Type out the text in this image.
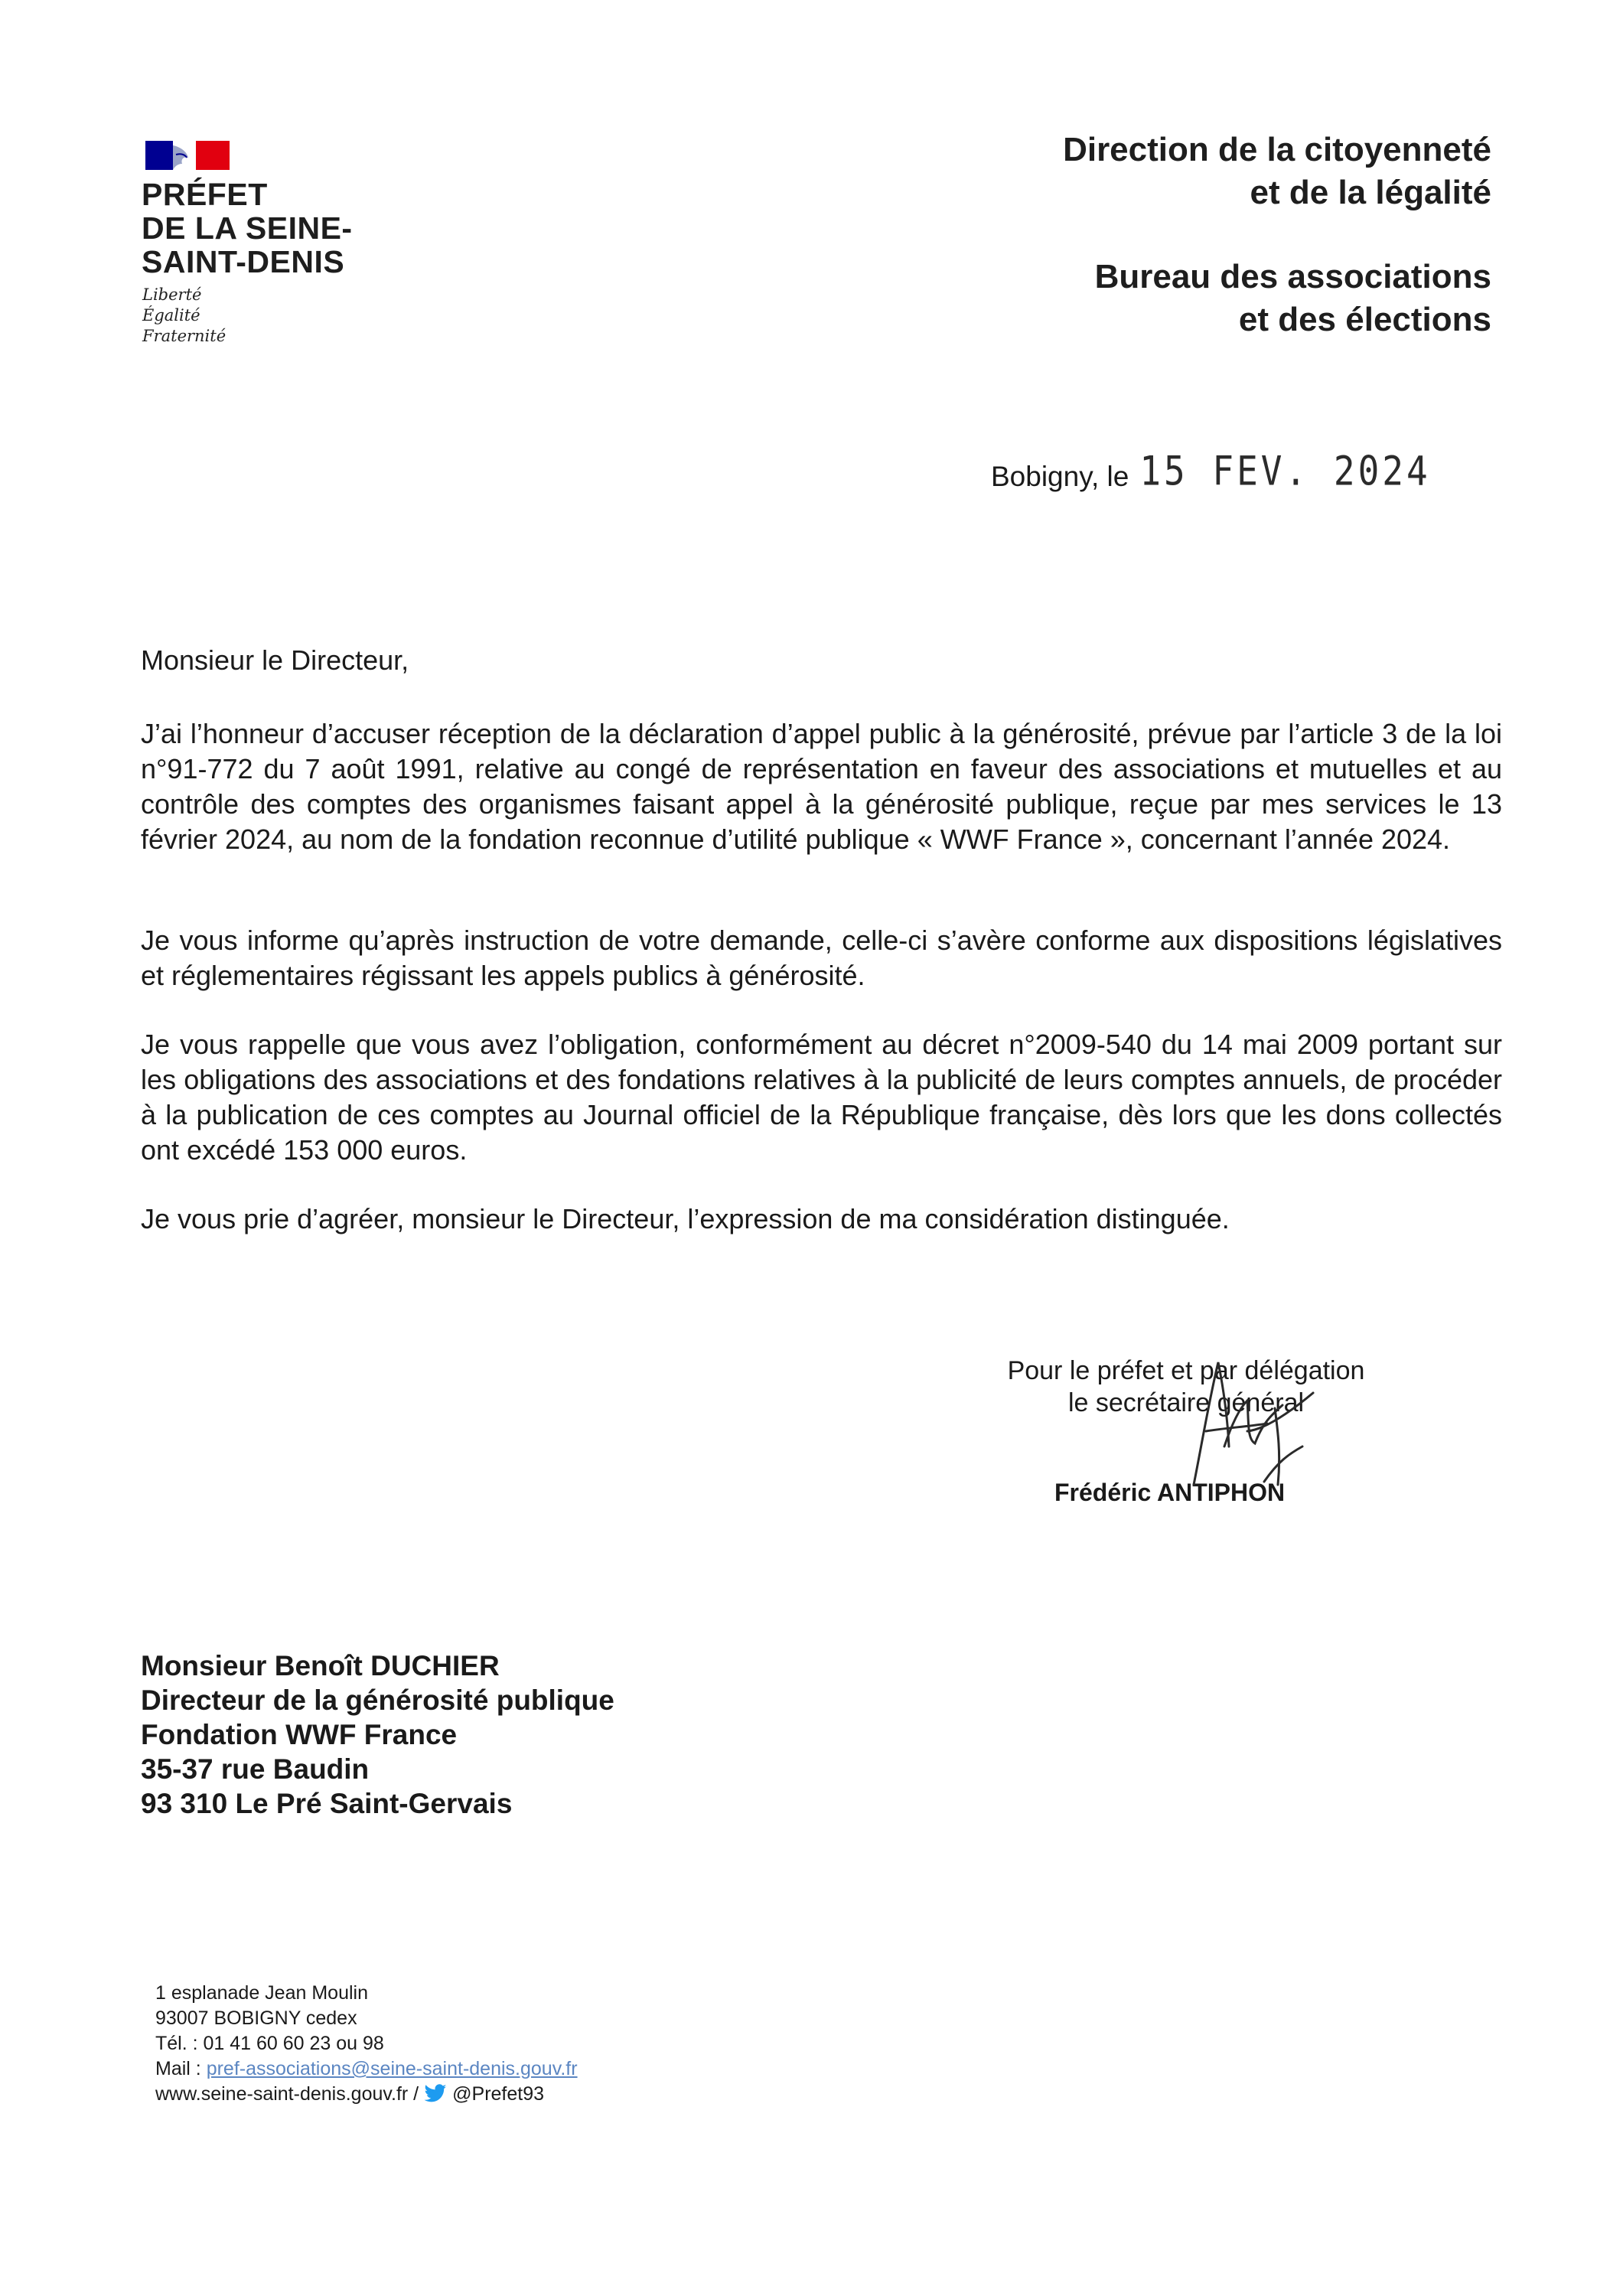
PRÉFET
DE LA SEINE-
SAINT-DENIS
Liberté
Égalité
Fraternité
Direction de la citoyenneté
et de la légalité
Bureau des associations
et des élections
Bobigny, le 15 FEV. 2024
Monsieur le Directeur,
J’ai l’honneur d’accuser réception de la déclaration d’appel public à la générosité, prévue par l’article 3 de la loi n°91-772 du 7 août 1991, relative au congé de représentation en faveur des associations et mutuelles et au contrôle des comptes des organismes faisant appel à la générosité publique, reçue par mes services le 13 février 2024, au nom de la fondation reconnue d’utilité publique « WWF France », concernant l’année 2024.
Je vous informe qu’après instruction de votre demande, celle-ci s’avère conforme aux dispositions législatives et réglementaires régissant les appels publics à générosité.
Je vous rappelle que vous avez l’obligation, conformément au décret n°2009-540 du 14 mai 2009 portant sur les obligations des associations et des fondations relatives à la publicité de leurs comptes annuels, de procéder à la publication de ces comptes au Journal officiel de la République française, dès lors que les dons collectés ont excédé 153 000 euros.
Je vous prie d’agréer, monsieur le Directeur, l’expression de ma considération distinguée.
Pour le préfet et par délégation
le secrétaire général
Frédéric ANTIPHON
Monsieur Benoît DUCHIER
Directeur de la générosité publique
Fondation WWF France
35-37 rue Baudin
93 310 Le Pré Saint-Gervais
1 esplanade Jean Moulin
93007 BOBIGNY cedex
Tél. : 01 41 60 60 23 ou 98
Mail : pref-associations@seine-saint-denis.gouv.fr
www.seine-saint-denis.gouv.fr / @Prefet93
